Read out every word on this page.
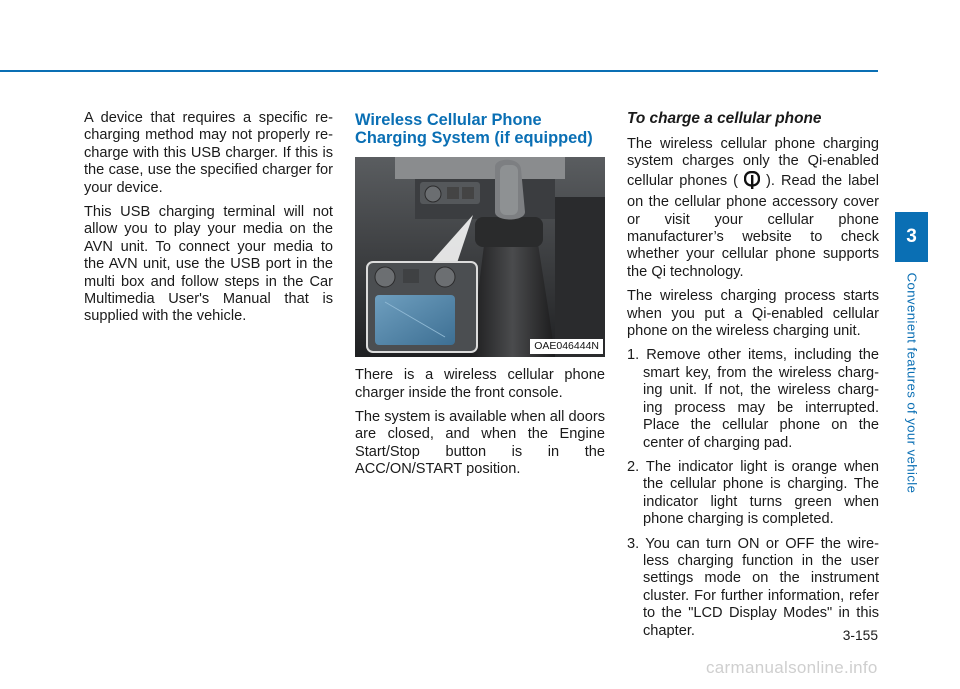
A device that requires a specific re-charging method may not properly re-charge with this USB charger. If this is the case, use the specified charger for your device.

This USB charging terminal will not allow you to play your media on the AVN unit. To connect your media to the AVN unit, use the USB port in the multi box and follow steps in the Car Multimedia User's Manual that is supplied with the vehicle.

Wireless Cellular Phone Charging System (if equipped)
OAE046444N

There is a wireless cellular phone charger inside the front console.

The system is available when all doors are closed, and when the Engine Start/Stop button is in the ACC/ON/START position.

To charge a cellular phone

The wireless cellular phone charging system charges only the Qi-enabled cellular phones ( ). Read the label on the cellular phone accessory cover or visit your cellular phone manufacturer’s website to check whether your cellular phone supports the Qi technology.

The wireless charging process starts when you put a Qi-enabled cellular phone on the wireless charging unit.

1. Remove other items, including the smart key, from the wireless charg-ing unit. If not, the wireless charg-ing process may be interrupted. Place the cellular phone on the center of charging pad.
2. The indicator light is orange when the cellular phone is charging. The indicator light turns green when phone charging is completed.
3. You can turn ON or OFF the wire-less charging function in the user settings mode on the instrument cluster. For further information, refer to the "LCD Display Modes" in this chapter.
3
Convenient features of your vehicle
3-155
carmanualsonline.info
